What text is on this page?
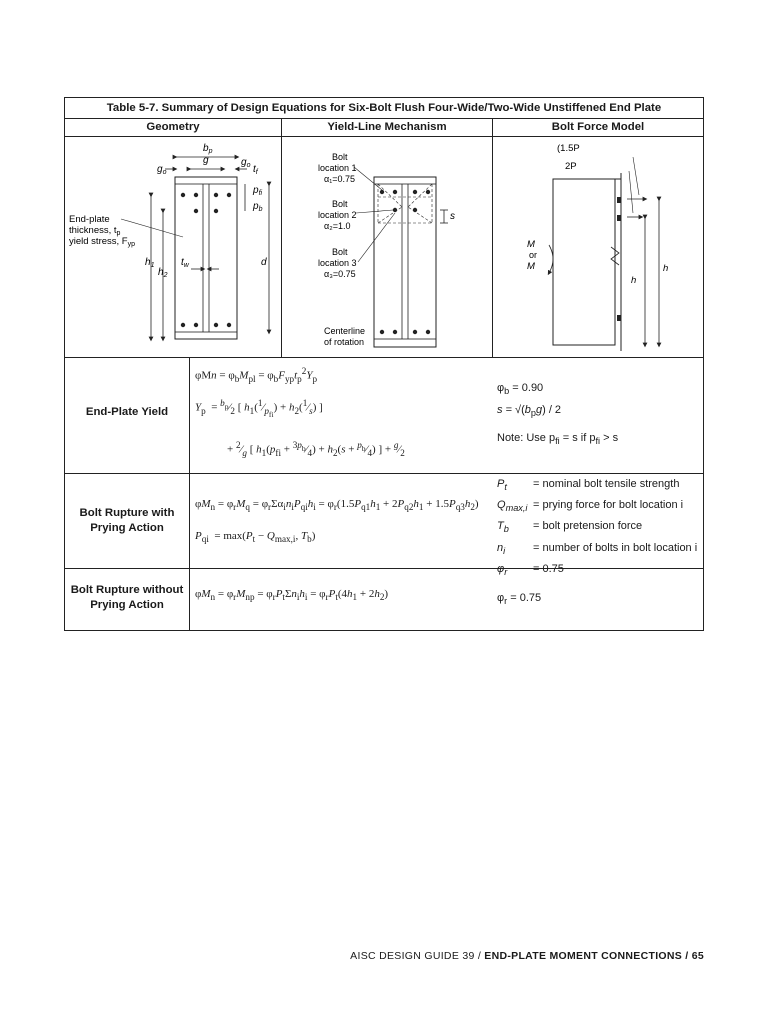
Table 5-7. Summary of Design Equations for Six-Bolt Flush Four-Wide/Two-Wide Unstiffened End Plate
Geometry	Yield-Line Mechanism	Bolt Force Model
$b_p$
g
$g_o$
$g_o$ $t_f$
$p_{fi}$
$p_b$
End-plate
thickness, $t_p$
yield stress, $F_{yp}$
$h_1$
$h_2$
$t_w$	d
s
Bolt
location 1
α₁=0.75
Bolt
location 2
α₂=1.0
Bolt
location 3
α₃=0.75
Centerline
of rotation
(1.5P
2P
h
h
M
or
M
End-Plate Yield
$\varphi Mn = \varphi_bM_{pl} = \varphi_bF_{yp}t_p^2Y_p$
$Y_p$  = $^{b_p}⁄_2$ [ $h_1(^1⁄_{p_{fi}})$ + $h_2(^1⁄_s)$ ]
+ $^2⁄_g$ [ $h_1(p_{fi}$ + $^{3p_b}⁄_4) + h_2(s$ + $^{p_b}⁄_4$) ] + $^g⁄_2$
$\varphi_b = 0.90$
$s = √(b_pg) / 2$
Note: Use $p_{fi} = s$ if $p_{fi} > s$
Bolt Rupture with
Prying Action
$\varphi M_n = \varphi_rM_q = \varphi_r\Sigma\alpha_in_iP_{qi}h_i = \varphi_r(1.5P_{q1}h_1 + 2P_{q2}h_1 + 1.5P_{q3}h_2)$
$P_{qi} = \max(P_t - Q_{max,i}$, $T_b$)
$P_t$ = nominal bolt tensile strength
$Q_{max,i}$ = prying force for bolt location i
$T_b$ = bolt pretension force
$n_i$	= number of bolts in bolt location i
$\varphi_r = 0.75$
Bolt Rupture without
Prying Action
$\varphi M_n = \varphi_rM_{np} = \varphi_rP_t\Sigma n_ih_i = \varphi_rP_t(4h_1 + 2h_2)$	$\varphi_r = 0.75$
AISC DESIGN GUIDE 39 / END-PLATE MOMENT CONNECTIONS / 65
